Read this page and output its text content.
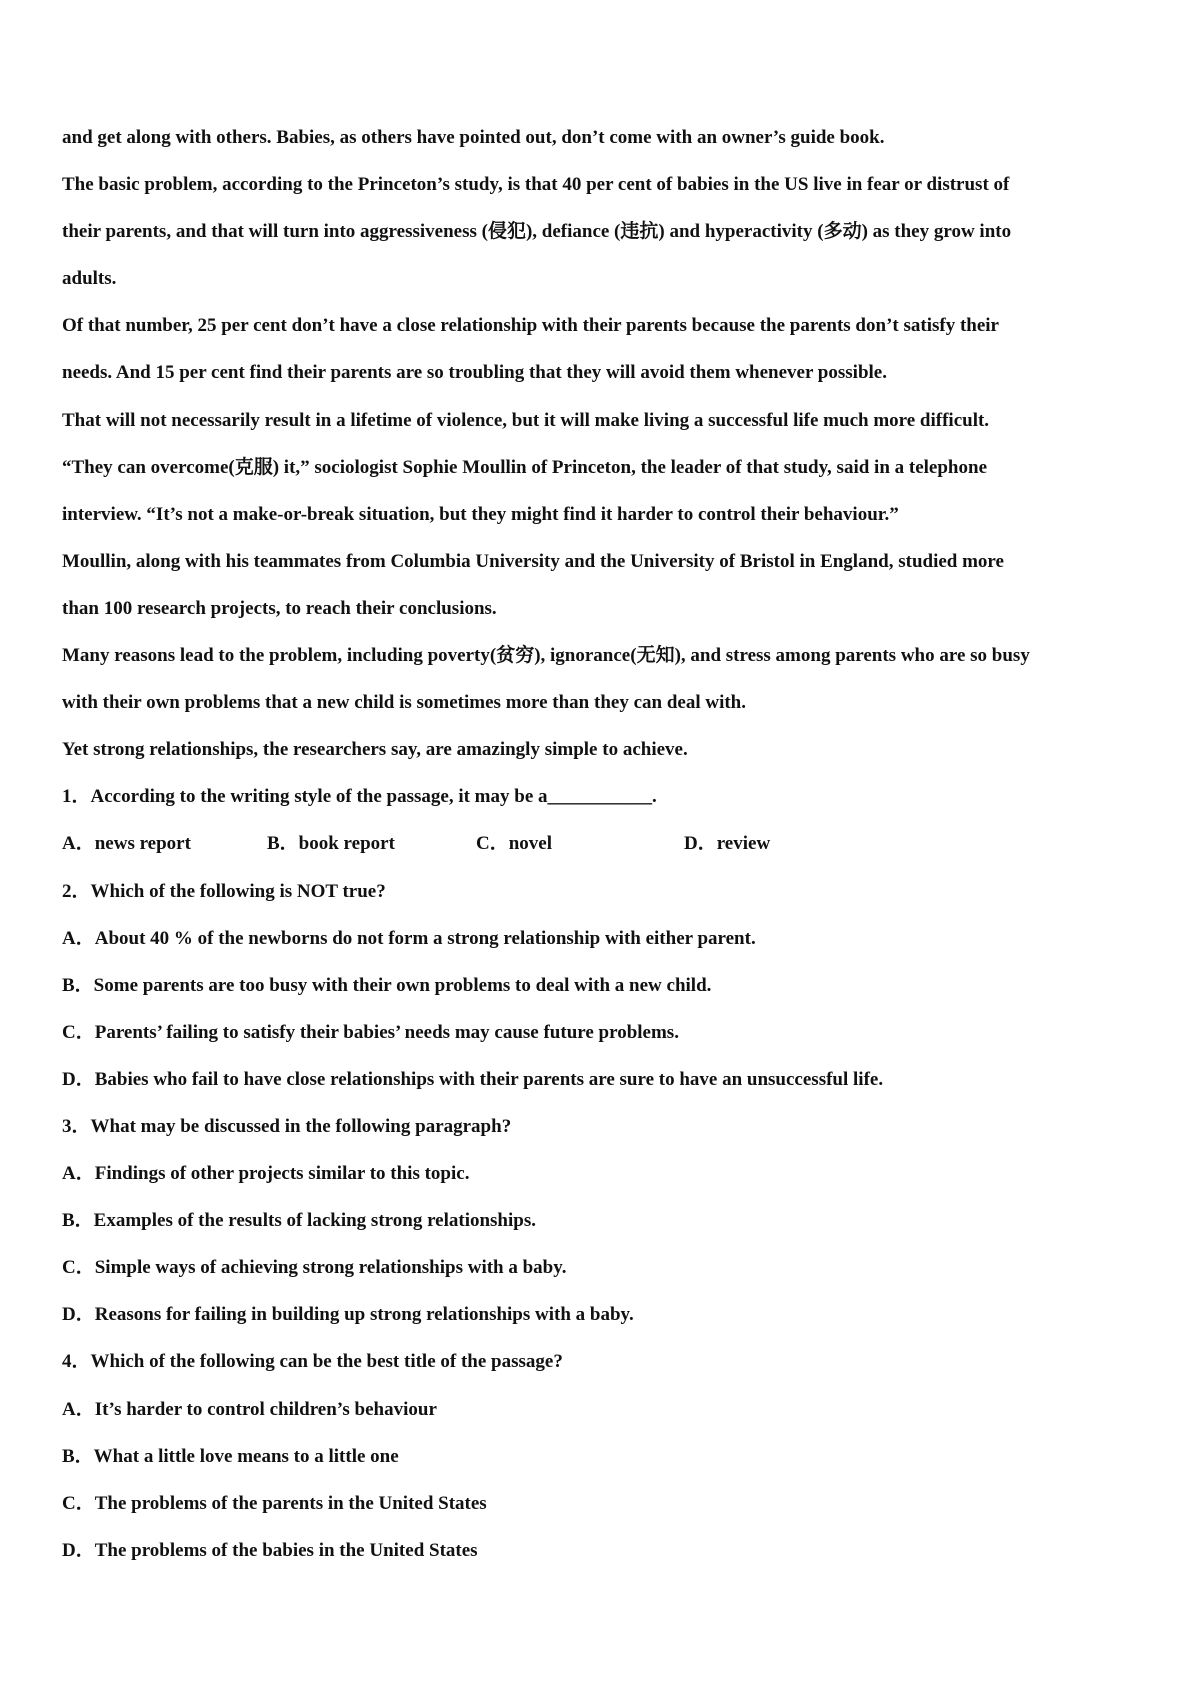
and get along with others. Babies, as others have pointed out, don’t come with an owner’s guide book.
The basic problem, according to the Princeton’s study, is that 40 per cent of babies in the US live in fear or distrust of
their parents, and that will turn into aggressiveness (侵犯), defiance (违抗) and hyperactivity (多动) as they grow into
adults.
Of that number, 25 per cent don’t have a close relationship with their parents because the parents don’t satisfy their
needs. And 15 per cent find their parents are so troubling that they will avoid them whenever possible.
That will not necessarily result in a lifetime of violence, but it will make living a successful life much more difficult.
“They can overcome(克服) it,” sociologist Sophie Moullin of Princeton, the leader of that study, said in a telephone
interview. “It’s not a make-or-break situation, but they might find it harder to control their behaviour.”
Moullin, along with his teammates from Columbia University and the University of Bristol in England, studied more
than 100 research projects, to reach their conclusions.
Many reasons lead to the problem, including poverty(贫穷), ignorance(无知), and stress among parents who are so busy
with their own problems that a new child is sometimes more than they can deal with.
Yet strong relationships, the researchers say, are amazingly simple to achieve.
1．According to the writing style of the passage, it may be a___________.
A．news report	B．book report	C．novel	D．review
2．Which of the following is NOT true?
A．About 40 % of the newborns do not form a strong relationship with either parent.
B．Some parents are too busy with their own problems to deal with a new child.
C．Parents’ failing to satisfy their babies’ needs may cause future problems.
D．Babies who fail to have close relationships with their parents are sure to have an unsuccessful life.
3．What may be discussed in the following paragraph?
A．Findings of other projects similar to this topic.
B．Examples of the results of lacking strong relationships.
C．Simple ways of achieving strong relationships with a baby.
D．Reasons for failing in building up strong relationships with a baby.
4．Which of the following can be the best title of the passage?
A．It’s harder to control children’s behaviour
B．What a little love means to a little one
C．The problems of the parents in the United States
D．The problems of the babies in the United States
